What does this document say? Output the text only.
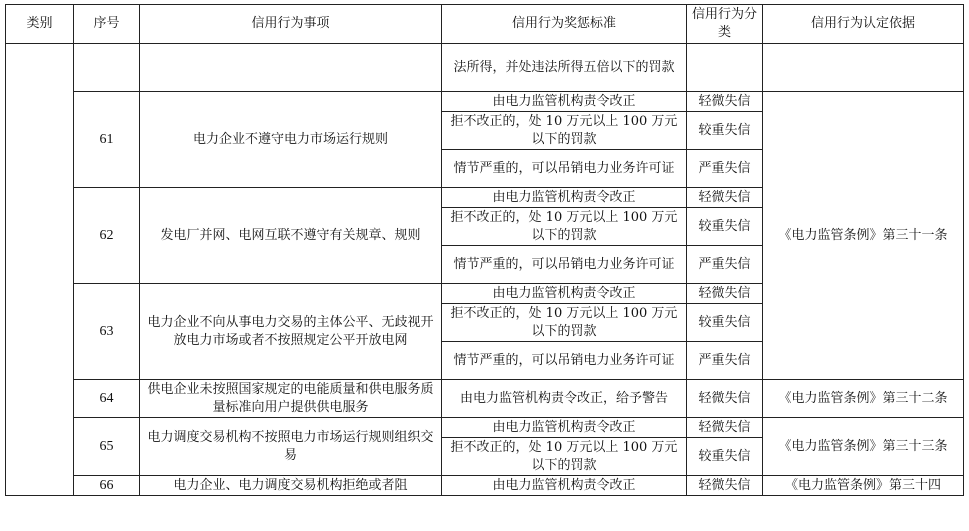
类别	序号	信用行为事项	信用行为奖惩标准	信用行为分类	信用行为认定依据
			法所得，并处违法所得五倍以下的罚款		
	61	电力企业不遵守电力市场运行规则	由电力监管机构责令改正	轻微失信	《电力监管条例》第三十一条
			拒不改正的，处 10 万元以上 100 万元以下的罚款	较重失信	
			情节严重的，可以吊销电力业务许可证	严重失信	
	62	发电厂并网、电网互联不遵守有关规章、规则	由电力监管机构责令改正	轻微失信	
			拒不改正的，处 10 万元以上 100 万元以下的罚款	较重失信	
			情节严重的，可以吊销电力业务许可证	严重失信	
	63	电力企业不向从事电力交易的主体公平、无歧视开放电力市场或者不按照规定公平开放电网	由电力监管机构责令改正	轻微失信	
			拒不改正的，处 10 万元以上 100 万元以下的罚款	较重失信	
			情节严重的，可以吊销电力业务许可证	严重失信	
	64	供电企业未按照国家规定的电能质量和供电服务质量标准向用户提供供电服务	由电力监管机构责令改正，给予警告	轻微失信	《电力监管条例》第三十二条
	65	电力调度交易机构不按照电力市场运行规则组织交易	由电力监管机构责令改正	轻微失信	《电力监管条例》第三十三条
			拒不改正的，处 10 万元以上 100 万元以下的罚款	较重失信	
	66	电力企业、电力调度交易机构拒绝或者阻	由电力监管机构责令改正	轻微失信	《电力监管条例》第三十四
